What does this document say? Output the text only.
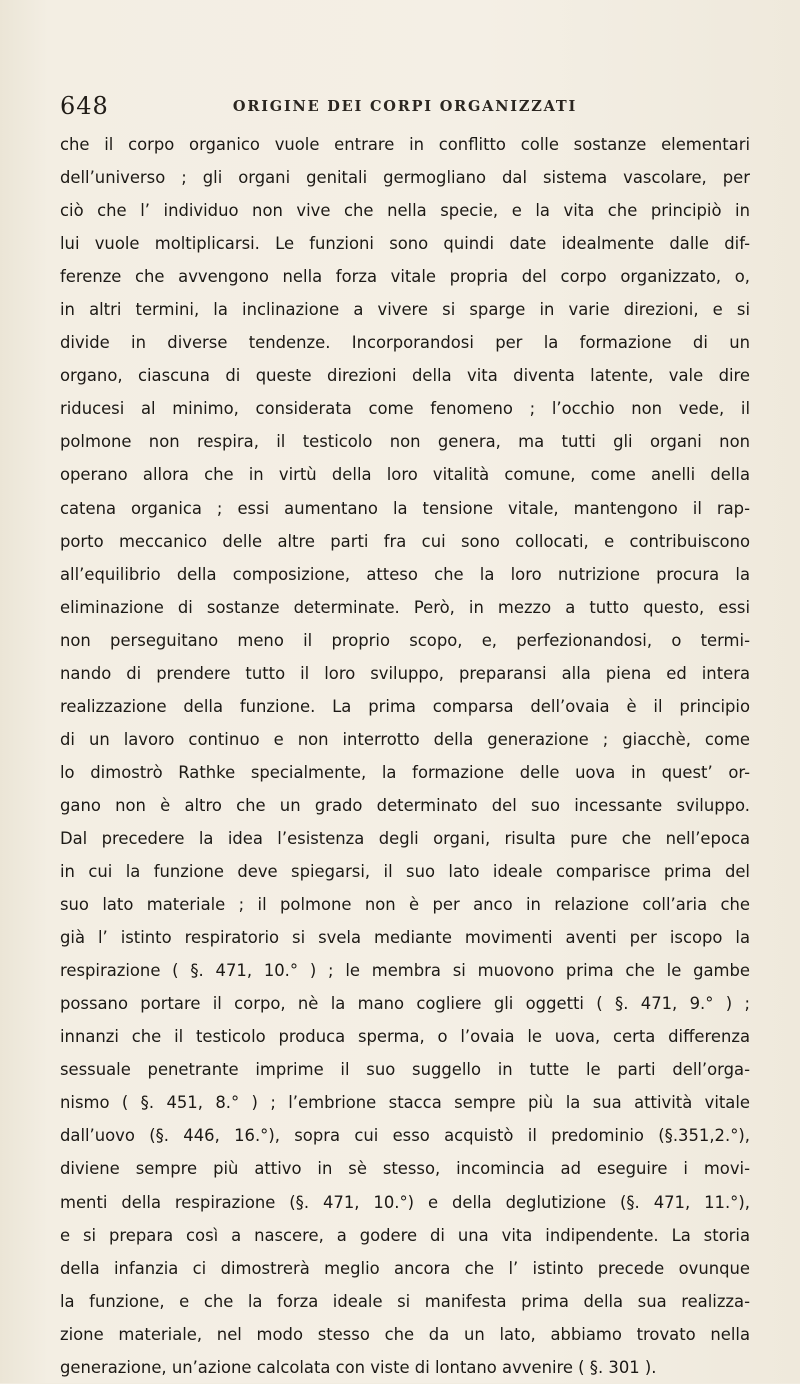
648	ORIGINE DEI CORPI ORGANIZZATI
che il corpo organico vuole entrare in conflitto colle sostanze elementari
dell’universo ; gli organi genitali germogliano dal sistema vascolare, per
ciò che l’ individuo non vive che nella specie, e la vita che principiò in
lui vuole moltiplicarsi. Le funzioni sono quindi date idealmente dalle dif-
ferenze che avvengono nella forza vitale propria del corpo organizzato, o,
in altri termini, la inclinazione a vivere si sparge in varie direzioni, e si
divide in diverse tendenze. Incorporandosi per la formazione di un
organo, ciascuna di queste direzioni della vita diventa latente, vale dire
riducesi al minimo, considerata come fenomeno ; l’occhio non vede, il
polmone non respira, il testicolo non genera, ma tutti gli organi non
operano allora che in virtù della loro vitalità comune, come anelli della
catena organica ; essi aumentano la tensione vitale, mantengono il rap-
porto meccanico delle altre parti fra cui sono collocati, e contribuiscono
all’equilibrio della composizione, atteso che la loro nutrizione procura la
eliminazione di sostanze determinate. Però, in mezzo a tutto questo, essi
non perseguitano meno il proprio scopo, e, perfezionandosi, o termi-
nando di prendere tutto il loro sviluppo, preparansi alla piena ed intera
realizzazione della funzione. La prima comparsa dell’ovaia è il principio
di un lavoro continuo e non interrotto della generazione ; giacchè, come
lo dimostrò Rathke specialmente, la formazione delle uova in quest’ or-
gano non è altro che un grado determinato del suo incessante sviluppo.
Dal precedere la idea l’esistenza degli organi, risulta pure che nell’epoca
in cui la funzione deve spiegarsi, il suo lato ideale comparisce prima del
suo lato materiale ; il polmone non è per anco in relazione coll’aria che
già l’ istinto respiratorio si svela mediante movimenti aventi per iscopo la
respirazione ( §. 471, 10.° ) ; le membra si muovono prima che le gambe
possano portare il corpo, nè la mano cogliere gli oggetti ( §. 471, 9.° ) ;
innanzi che il testicolo produca sperma, o l’ovaia le uova, certa differenza
sessuale penetrante imprime il suo suggello in tutte le parti dell’orga-
nismo ( §. 451, 8.° ) ; l’embrione stacca sempre più la sua attività vitale
dall’uovo (§. 446, 16.°), sopra cui esso acquistò il predominio (§.351,2.°),
diviene sempre più attivo in sè stesso, incomincia ad eseguire i movi-
menti della respirazione (§. 471, 10.°) e della deglutizione (§. 471, 11.°),
e si prepara così a nascere, a godere di una vita indipendente. La storia
della infanzia ci dimostrerà meglio ancora che l’ istinto precede ovunque
la funzione, e che la forza ideale si manifesta prima della sua realizza-
zione materiale, nel modo stesso che da un lato, abbiamo trovato nella
generazione, un’azione calcolata con viste di lontano avvenire ( §. 301 ).
